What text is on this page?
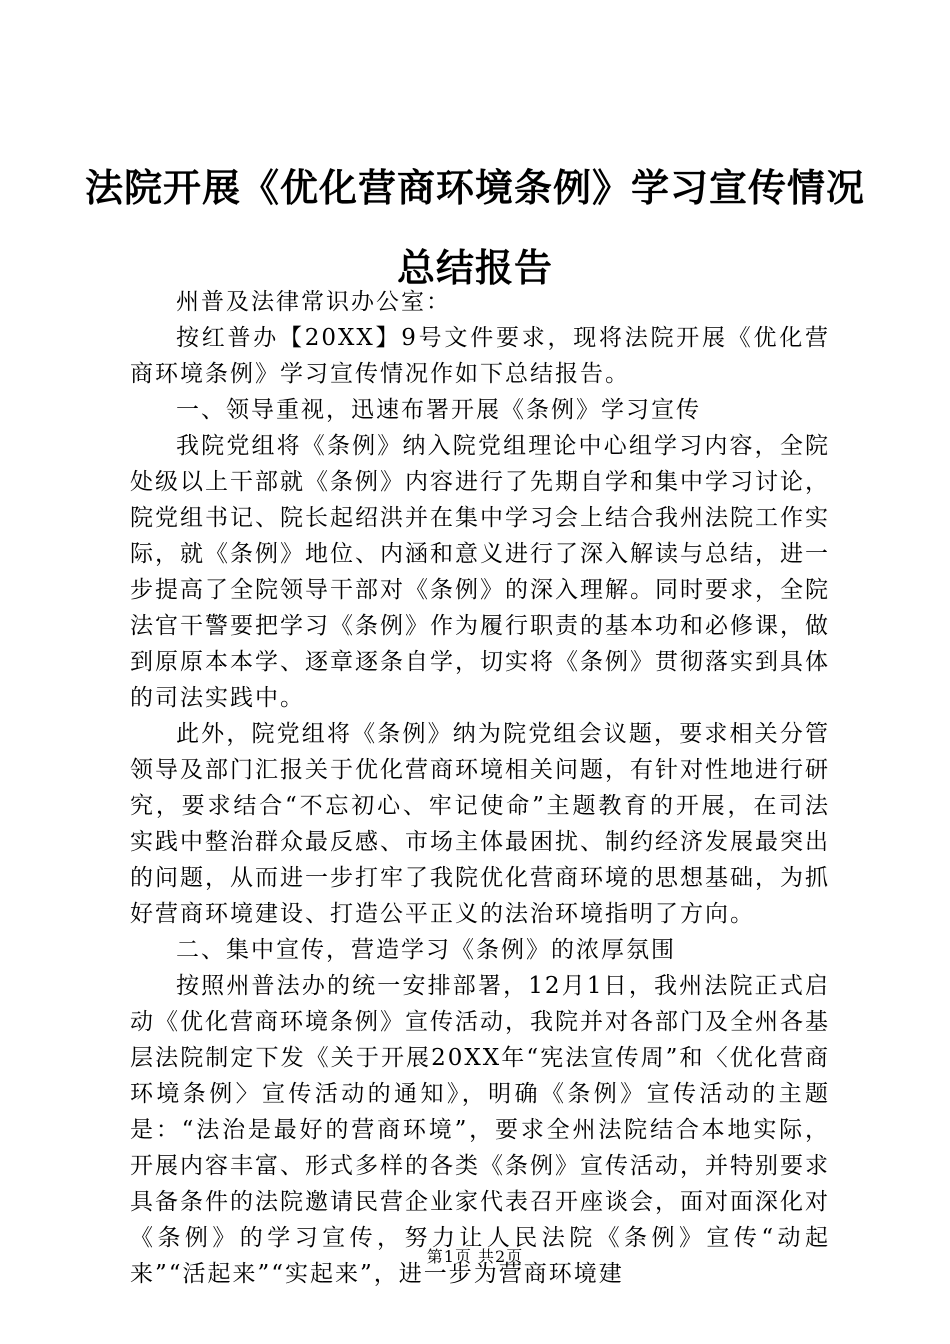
法院开展《优化营商环境条例》学习宣传情况
总结报告

州普及法律常识办公室：

按红普办【20XX】9号文件要求，现将法院开展《优化营商环境条例》学习宣传情况作如下总结报告。

一、领导重视，迅速布署开展《条例》学习宣传

我院党组将《条例》纳入院党组理论中心组学习内容，全院处级以上干部就《条例》内容进行了先期自学和集中学习讨论，院党组书记、院长起绍洪并在集中学习会上结合我州法院工作实际，就《条例》地位、内涵和意义进行了深入解读与总结，进一步提高了全院领导干部对《条例》的深入理解。同时要求，全院法官干警要把学习《条例》作为履行职责的基本功和必修课，做到原原本本学、逐章逐条自学，切实将《条例》贯彻落实到具体的司法实践中。

此外，院党组将《条例》纳为院党组会议题，要求相关分管领导及部门汇报关于优化营商环境相关问题，有针对性地进行研究，要求结合“不忘初心、牢记使命”主题教育的开展，在司法实践中整治群众最反感、市场主体最困扰、制约经济发展最突出的问题，从而进一步打牢了我院优化营商环境的思想基础，为抓好营商环境建设、打造公平正义的法治环境指明了方向。

二、集中宣传，营造学习《条例》的浓厚氛围

按照州普法办的统一安排部署，12月1日，我州法院正式启动《优化营商环境条例》宣传活动，我院并对各部门及全州各基层法院制定下发《关于开展20XX年“宪法宣传周”和〈优化营商环境条例〉宣传活动的通知》，明确《条例》宣传活动的主题是：“法治是最好的营商环境”，要求全州法院结合本地实际，开展内容丰富、形式多样的各类《条例》宣传活动，并特别要求具备条件的法院邀请民营企业家代表召开座谈会，面对面深化对《条例》的学习宣传，努力让人民法院《条例》宣传“动起来”“活起来”“实起来”，进一步为营商环境建

第1页 共2页
